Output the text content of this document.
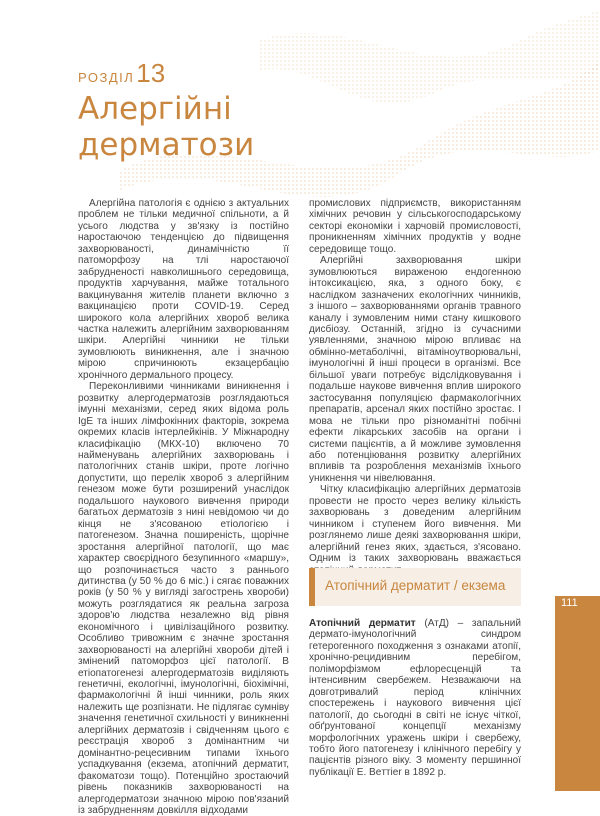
РОЗДІЛ13
Алергійні
дерматози

Алергійна патологія є однією з актуальних проблем не тільки медичної спільноти, а й усього людства у зв'язку із постійно наростаючою тенденцією до підвищення захворюваності, динамічністю її патоморфозу на тлі наростаючої забрудненості навколишнього середовища, продуктів харчування, майже тотального вакцинування жителів планети включно з вакцинацією проти COVID-19. Серед широкого кола алергійних хвороб велика частка належить алергійним захворюванням шкіри. Алергійні чинники не тільки зумовлюють виникнення, але і значною мірою спричинюють екзацербацію хронічного дермального процесу.

Переконливими чинниками виникнення і розвитку алергодерматозів розглядаються імунні механізми, серед яких відома роль IgE та інших лімфокінних факторів, зокрема окремих класів інтерлейкінів. У Міжнародну класифікацію (МКХ-10) включено 70 найменувань алергійних захворювань і патологічних станів шкіри, проте логічно допустити, що перелік хвороб з алергійним генезом може бути розширений унаслідок подальшого наукового вивчення природи багатьох дерматозів з нині невідомою чи до кінця не з'ясованою етіологією і патогенезом. Значна поширеність, щорічне зростання алергійної патології, що має характер своєрідного безупинного «маршу», що розпочинається часто з раннього дитинства (у 50 % до 6 міс.) і сягає поважних років (у 50 % у вигляді загострень хвороби) можуть розглядатися як реальна загроза здоров'ю людства незалежно від рівня економічного і цивілізаційного розвитку. Особливо тривожним є значне зростання захворюваності на алергійні хвороби дітей і змінений патоморфоз цієї патології. В етіопатогенезі алергодерматозів виділяють генетичні, екологічні, імунологічні, біохімічні, фармакологічні й інші чинники, роль яких належить ще розпізнати. Не підлягає сумніву значення генетичної схильності у виникненні алергійних дерматозів і свідченням цього є реєстрація хвороб з домінантним чи домінантно-рецесивним типами їхнього успадкування (екзема, атопічний дерматит, факоматози тощо). Потенційно зростаючий рівень показників захворюваності на алергодерматози значною мірою пов'язаний із забрудненням довкілля відходами

промислових підприємств, використанням хімічних речовин у сільськогосподарському секторі економіки і харчовій промисловості, проникненням хімічних продуктів у водне середовище тощо.

Алергійні захворювання шкіри зумовлюються вираженою ендогенною інтоксикацією, яка, з одного боку, є наслідком зазначених екологічних чинників, з іншого – захворюваннями органів травного каналу і зумовленим ними стану кишкового дисбіозу. Останній, згідно із сучасними уявленнями, значною мірою впливає на обмінно-метаболічні, вітаміноутворювальні, імунологічні й інші процеси в організмі. Все більшої уваги потребує відслідковування і подальше наукове вивчення вплив широкого застосування популяцією фармакологічних препаратів, арсенал яких постійно зростає. І мова не тільки про різноманітні побічні ефекти лікарських засобів на органи і системи пацієнтів, а й можливе зумовлення або потенціювання розвитку алергійних впливів та розроблення механізмів їхнього уникнення чи нівелювання.

Чітку класифікацію алергійних дерматозів провести не просто через велику кількість захворювань з доведеним алергійним чинником і ступенем його вивчення. Ми розглянемо лише деякі захворювання шкіри, алергійний генез яких, здається, з'ясовано. Одним із таких захворювань вважається

Атопічний дерматит / екзема

Атопічний дерматит (АтД) – запальний дермато-імунологічний синдром гетерогенного походження з ознаками атопії, хронічно-рецидивним перебігом, поліморфізмом ефлоресценцій та інтенсивним свербежем. Незважаючи на довготривалий період клінічних спостережень і наукового вивчення цієї патології, до сьогодні в світі не існує чіткої, обґрунтованої концепції механізму морфологічних уражень шкіри і свербежу, тобто його патогенезу і клінічного перебігу у пацієнтів різного віку. З моменту першинної публікації Е. Вeттiеr в 1892 р.

111
